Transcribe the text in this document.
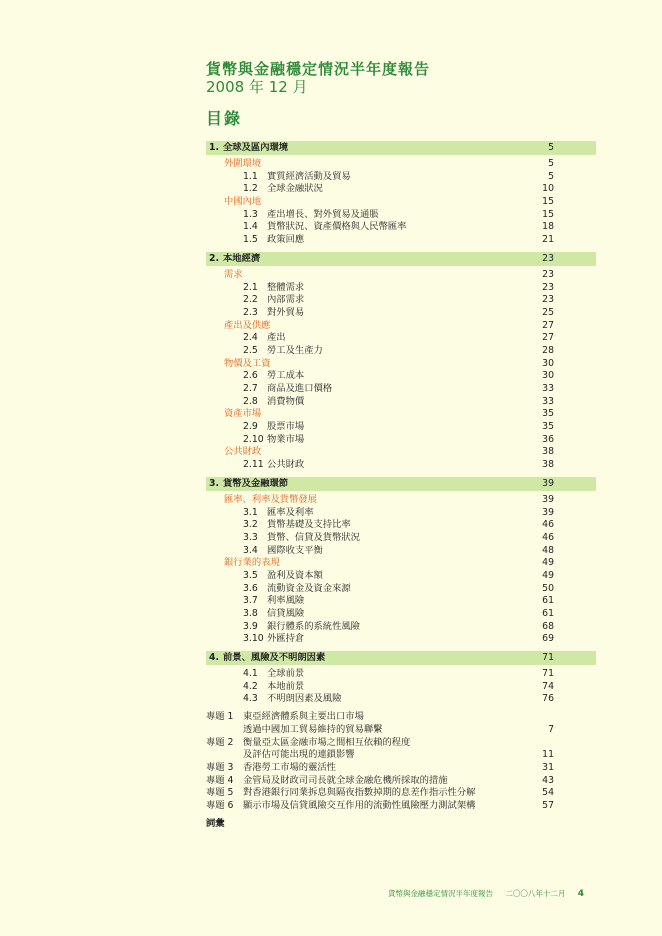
貨幣與金融穩定情況半年度報告
2008 年 12 月
目錄
1. 全球及區內環境	5
外圍環境	5
1.1 實質經濟活動及貿易	5
1.2 全球金融狀況	10
中國內地	15
1.3 產出增長、對外貿易及通脹	15
1.4 貨幣狀況、資產價格與人民幣匯率	18
1.5 政策回應	21
2. 本地經濟	23
需求	23
2.1 整體需求	23
2.2 內部需求	23
2.3 對外貿易	25
產出及供應	27
2.4 產出	27
2.5 勞工及生產力	28
物價及工資	30
2.6 勞工成本	30
2.7 商品及進口價格	33
2.8 消費物價	33
資產市場	35
2.9 股票市場	35
2.10 物業市場	36
公共財政	38
2.11 公共財政	38
3. 貨幣及金融環節	39
匯率、利率及貨幣發展	39
3.1 匯率及利率	39
3.2 貨幣基礎及支持比率	46
3.3 貨幣、信貸及貨幣狀況	46
3.4 國際收支平衡	48
銀行業的表現	49
3.5 盈利及資本額	49
3.6 流動資金及資金來源	50
3.7 利率風險	61
3.8 信貸風險	61
3.9 銀行體系的系統性風險	68
3.10 外匯持倉	69
4. 前景、風險及不明朗因素	71
4.1 全球前景	71
4.2 本地前景	74
4.3 不明朗因素及風險	76
專題 1 東亞經濟體系與主要出口市場
透過中國加工貿易維持的貿易聯繫	7
專題 2 衡量亞太區金融市場之間相互依賴的程度
及評估可能出現的連鎖影響	11
專題 3 香港勞工市場的靈活性	31
專題 4 金管局及財政司司長就全球金融危機所採取的措施	43
專題 5 對香港銀行同業拆息與隔夜指數掉期的息差作指示性分解	54
專題 6 顯示市場及信貸風險交互作用的流動性風險壓力測試架構	57
詞彙
貨幣與金融穩定情況半年度報告 二〇〇八年十二月 4
